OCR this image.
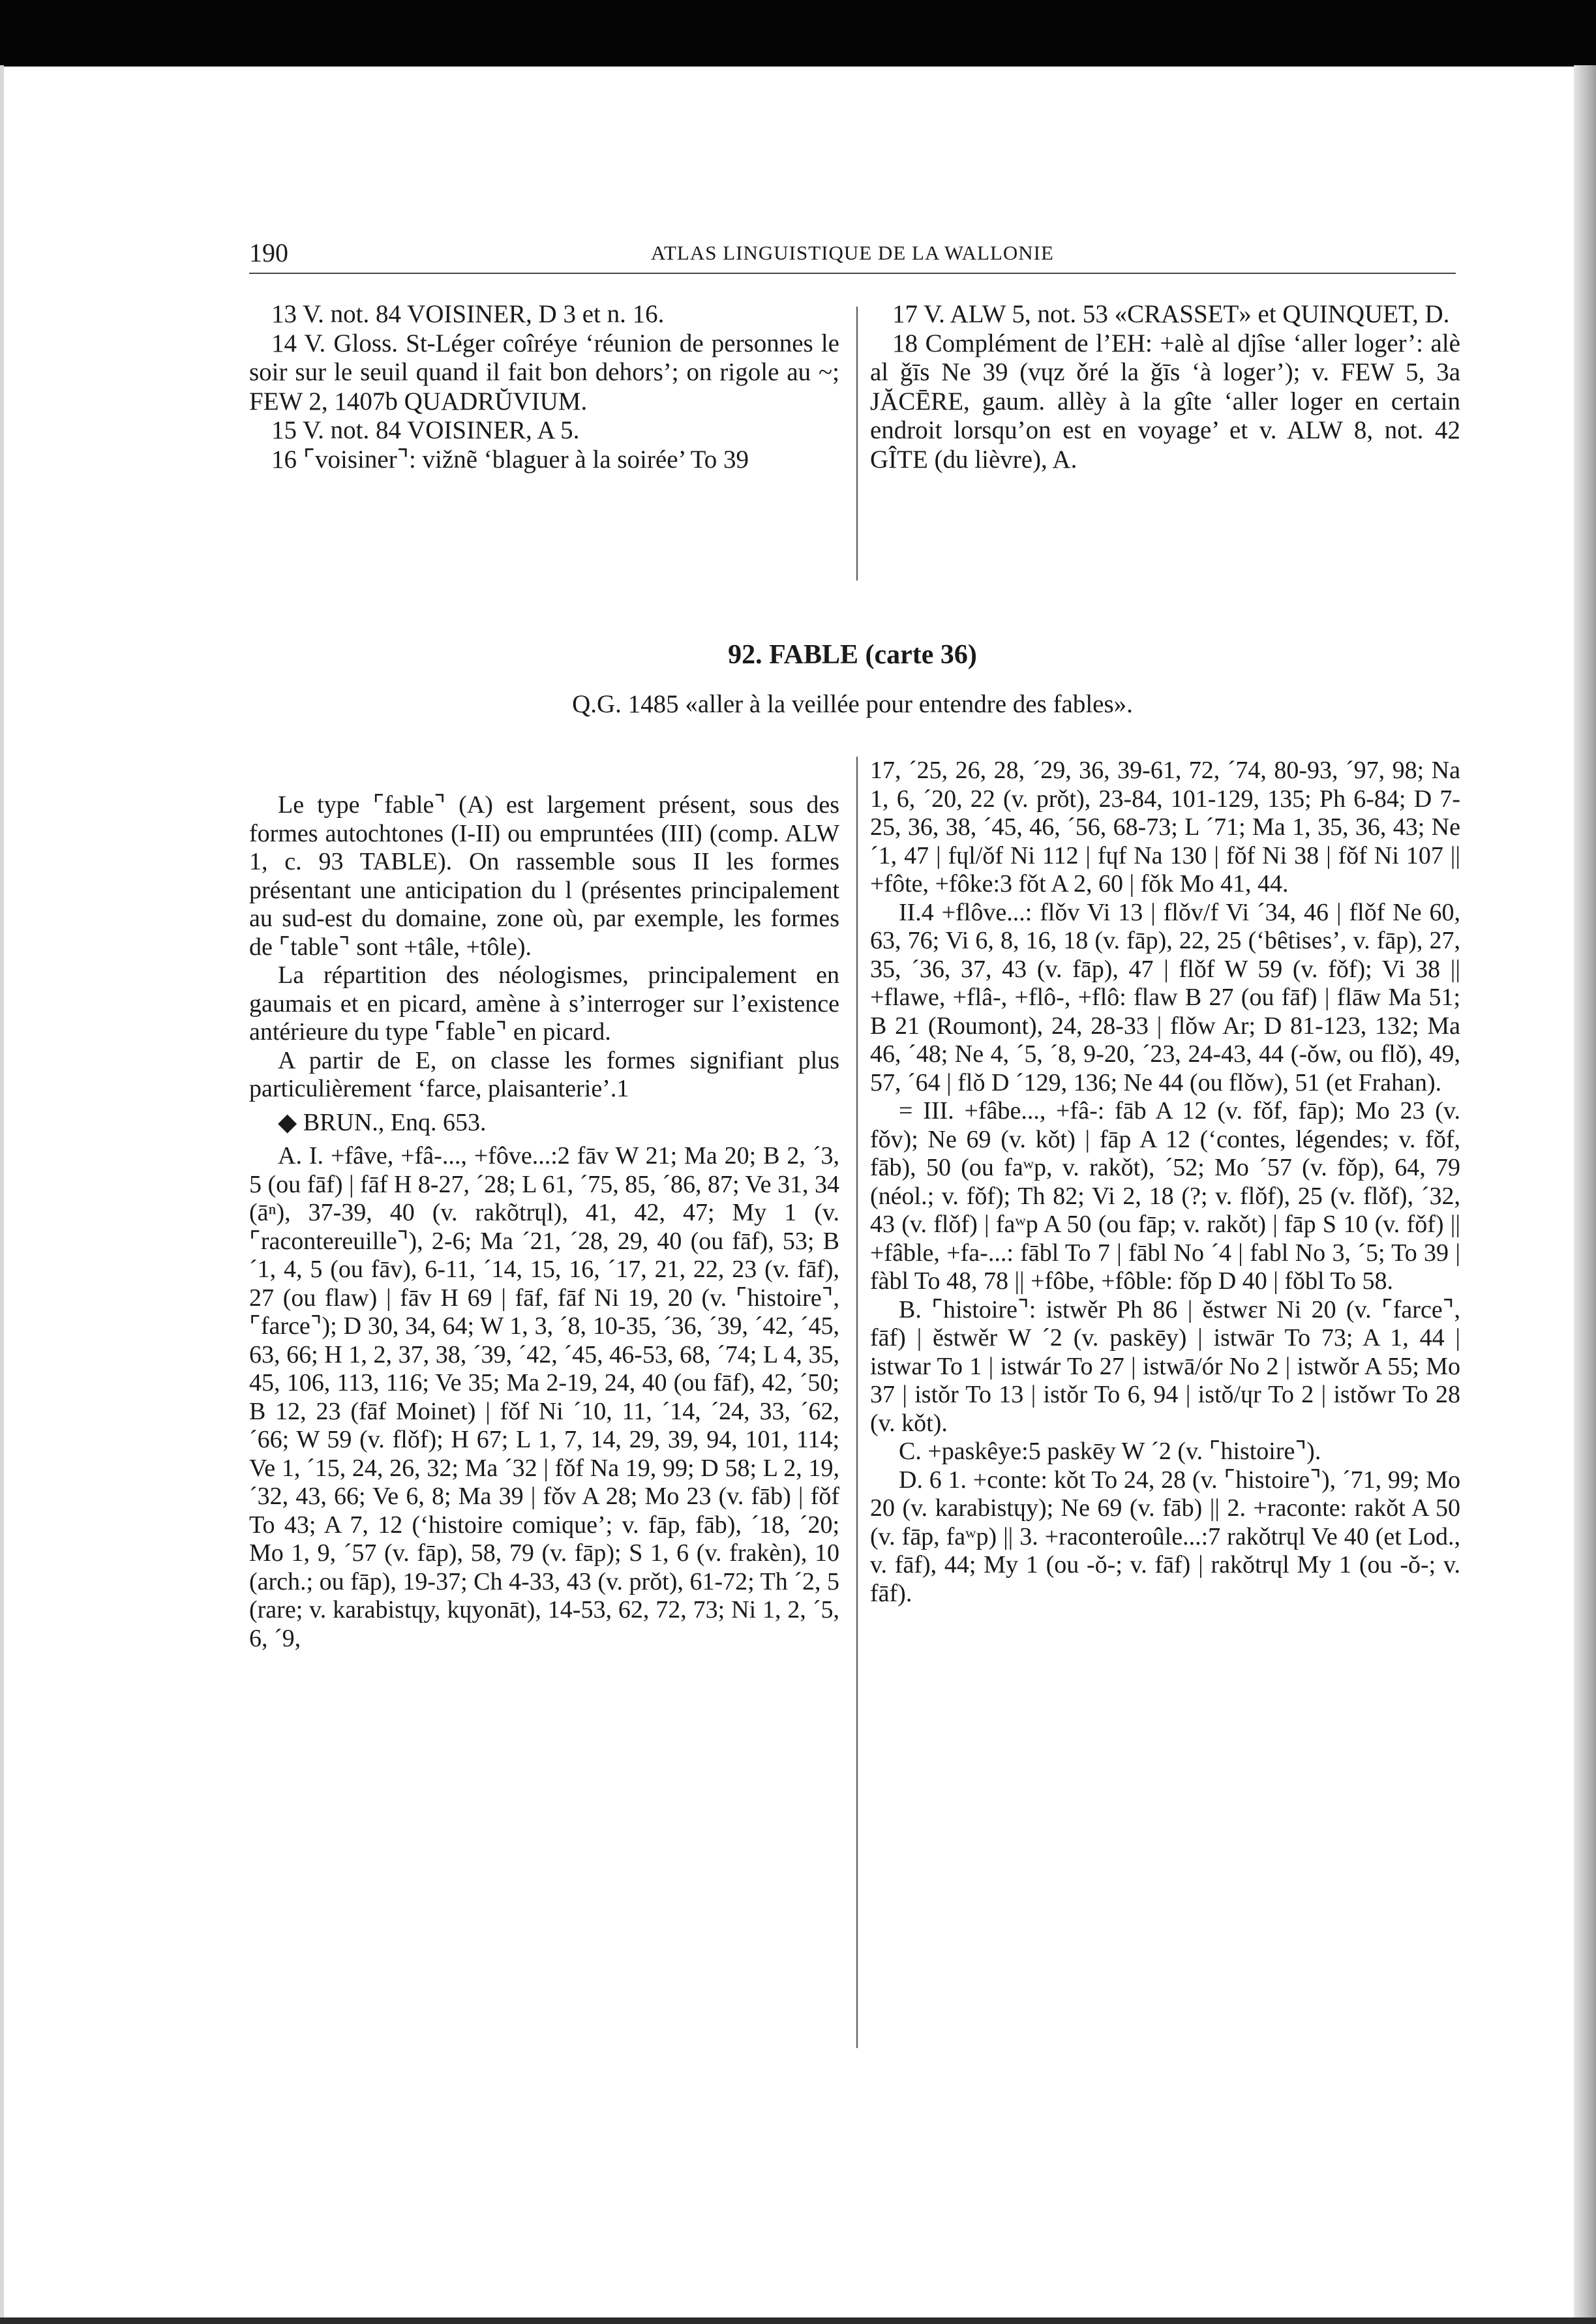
190	ATLAS LINGUISTIQUE DE LA WALLONIE

13 V. not. 84 VOISINER, D 3 et n. 16.

14 V. Gloss. St-Léger coîréye ‘réunion de personnes le soir sur le seuil quand il fait bon dehors’; on rigole au ~; FEW 2, 1407b QUADRŬVIUM.

15 V. not. 84 VOISINER, A 5.

16 ⌜voisiner⌝: vižnẽ ‘blaguer à la soirée’ To 39

17 V. ALW 5, not. 53 «CRASSET» et QUINQUET, D.

18 Complément de l’EH: +alè al djîse ‘aller loger’: alè al ǧīs Ne 39 (vɥz ǒré la ǧīs ‘à loger’); v. FEW 5, 3a JĂCĒRE, gaum. allèy à la gîte ‘aller loger en certain endroit lorsqu’on est en voyage’ et v. ALW 8, not. 42 GÎTE (du lièvre), A.

92. FABLE (carte 36)
Q.G. 1485 «aller à la veillée pour entendre des fables».

Le type ⌜fable⌝ (A) est largement présent, sous des formes autochtones (I-II) ou empruntées (III) (comp. ALW 1, c. 93 TABLE). On rassemble sous II les formes présentant une anticipation du l (présentes principalement au sud-est du domaine, zone où, par exemple, les formes de ⌜table⌝ sont +tâle, +tôle).

La répartition des néologismes, principalement en gaumais et en picard, amène à s’interroger sur l’existence antérieure du type ⌜fable⌝ en picard.

A partir de E, on classe les formes signifiant plus particulièrement ‘farce, plaisanterie’.1

◆ BRUN., Enq. 653.

A. I. +fâve, +fâ-..., +fôve...:2 fāv W 21; Ma 20; B 2, ´3, 5 (ou fāf) | fāf H 8-27, ´28; L 61, ´75, 85, ´86, 87; Ve 31, 34 (āⁿ), 37-39, 40 (v. rakõtrɥl), 41, 42, 47; My 1 (v. ⌜racontereuille⌝), 2-6; Ma ´21, ´28, 29, 40 (ou fāf), 53; B ´1, 4, 5 (ou fāv), 6-11, ´14, 15, 16, ´17, 21, 22, 23 (v. fāf), 27 (ou flaw) | fāv H 69 | fāf, fāf Ni 19, 20 (v. ⌜histoire⌝, ⌜farce⌝); D 30, 34, 64; W 1, 3, ´8, 10-35, ´36, ´39, ´42, ´45, 63, 66; H 1, 2, 37, 38, ´39, ´42, ´45, 46-53, 68, ´74; L 4, 35, 45, 106, 113, 116; Ve 35; Ma 2-19, 24, 40 (ou fāf), 42, ´50; B 12, 23 (fāf Moinet) | fǒf Ni ´10, 11, ´14, ´24, 33, ´62, ´66; W 59 (v. flǒf); H 67; L 1, 7, 14, 29, 39, 94, 101, 114; Ve 1, ´15, 24, 26, 32; Ma ´32 | fǒf Na 19, 99; D 58; L 2, 19, ´32, 43, 66; Ve 6, 8; Ma 39 | fǒv A 28; Mo 23 (v. fāb) | fǒf To 43; A 7, 12 (‘histoire comique’; v. fāp, fāb), ´18, ´20; Mo 1, 9, ´57 (v. fāp), 58, 79 (v. fāp); S 1, 6 (v. frakèn), 10 (arch.; ou fāp), 19-37; Ch 4-33, 43 (v. prǒt), 61-72; Th ´2, 5 (rare; v. karabistɥy, kɥyonāt), 14-53, 62, 72, 73; Ni 1, 2, ´5, 6, ´9,

17, ´25, 26, 28, ´29, 36, 39-61, 72, ´74, 80-93, ´97, 98; Na 1, 6, ´20, 22 (v. prǒt), 23-84, 101-129, 135; Ph 6-84; D 7-25, 36, 38, ´45, 46, ´56, 68-73; L ´71; Ma 1, 35, 36, 43; Ne ´1, 47 | fɥl/ǒf Ni 112 | fɥf Na 130 | fǒf Ni 38 | fǒf Ni 107 || +fôte, +fôke:3 fǒt A 2, 60 | fǒk Mo 41, 44.

II.4 +flôve...: flǒv Vi 13 | flǒv/f Vi ´34, 46 | flǒf Ne 60, 63, 76; Vi 6, 8, 16, 18 (v. fāp), 22, 25 (‘bêtises’, v. fāp), 27, 35, ´36, 37, 43 (v. fāp), 47 | flǒf W 59 (v. fǒf); Vi 38 || +flawe, +flâ-, +flô-, +flô: flaw B 27 (ou fāf) | flāw Ma 51; B 21 (Roumont), 24, 28-33 | flǒw Ar; D 81-123, 132; Ma 46, ´48; Ne 4, ´5, ´8, 9-20, ´23, 24-43, 44 (-ǒw, ou flǒ), 49, 57, ´64 | flǒ D ´129, 136; Ne 44 (ou flǒw), 51 (et Frahan).

= III. +fâbe..., +fâ-: fāb A 12 (v. fǒf, fāp); Mo 23 (v. fǒv); Ne 69 (v. kǒt) | fāp A 12 (‘contes, légendes; v. fǒf, fāb), 50 (ou faʷp, v. rakǒt), ´52; Mo ´57 (v. fǒp), 64, 79 (néol.; v. fǒf); Th 82; Vi 2, 18 (?; v. flǒf), 25 (v. flǒf), ´32, 43 (v. flǒf) | faʷp A 50 (ou fāp; v. rakǒt) | fāp S 10 (v. fǒf) || +fâble, +fa-...: fābl To 7 | fābl No ´4 | fabl No 3, ´5; To 39 | fàbl To 48, 78 || +fôbe, +fôble: fǒp D 40 | fǒbl To 58.

B. ⌜histoire⌝: istwěr Ph 86 | ěstwɛr Ni 20 (v. ⌜farce⌝, fāf) | ěstwěr W ´2 (v. paskēy) | istwār To 73; A 1, 44 | istwar To 1 | istwár To 27 | istwā/ór No 2 | istwǒr A 55; Mo 37 | istǒr To 13 | istǒr To 6, 94 | istǒ/ɥr To 2 | istǒwr To 28 (v. kǒt).

C. +paskêye:5 paskēy W ´2 (v. ⌜histoire⌝).

D. 6 1. +conte: kǒt To 24, 28 (v. ⌜histoire⌝), ´71, 99; Mo 20 (v. karabistɥy); Ne 69 (v. fāb) || 2. +raconte: rakǒt A 50 (v. fāp, faʷp) || 3. +raconteroûle...:7 rakǒtrɥl Ve 40 (et Lod., v. fāf), 44; My 1 (ou -ǒ-; v. fāf) | rakǒtrɥl My 1 (ou -ǒ-; v. fāf).
